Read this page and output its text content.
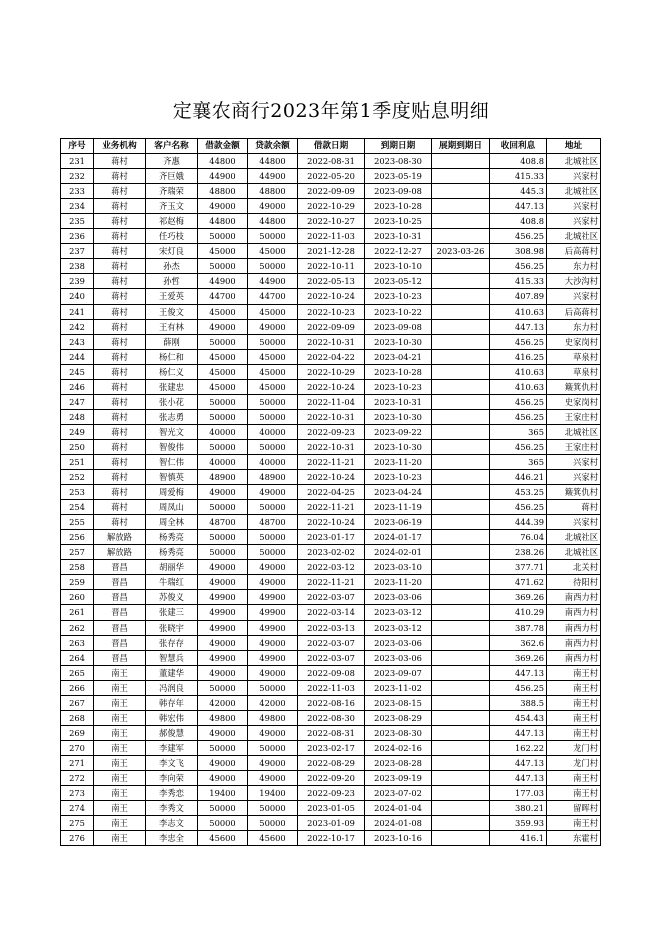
定襄农商行2023年第1季度贴息明细
序号	业务机构	客户名称	借款金额	贷款余额	借款日期	到期日期	展期到期日	收回利息	地址
231	蒋村	齐惠	44800	44800	2022-08-31	2023-08-30		408.8	北城社区
232	蒋村	齐巨娥	44900	44900	2022-05-20	2023-05-19		415.33	兴家村
233	蒋村	齐瑞荣	48800	48800	2022-09-09	2023-09-08		445.3	北城社区
234	蒋村	齐玉文	49000	49000	2022-10-29	2023-10-28		447.13	兴家村
235	蒋村	祁赵梅	44800	44800	2022-10-27	2023-10-25		408.8	兴家村
236	蒋村	任巧枝	50000	50000	2022-11-03	2023-10-31		456.25	北城社区
237	蒋村	宋灯良	45000	45000	2021-12-28	2022-12-27	2023-03-26	308.98	后高蒋村
238	蒋村	孙杰	50000	50000	2022-10-11	2023-10-10		456.25	东力村
239	蒋村	孙哲	44900	44900	2022-05-13	2023-05-12		415.33	大沙沟村
240	蒋村	王爱英	44700	44700	2022-10-24	2023-10-23		407.89	兴家村
241	蒋村	王俊文	45000	45000	2022-10-23	2023-10-22		410.63	后高蒋村
242	蒋村	王有林	49000	49000	2022-09-09	2023-09-08		447.13	东力村
243	蒋村	薛刚	50000	50000	2022-10-31	2023-10-30		456.25	史家岗村
244	蒋村	杨仁和	45000	45000	2022-04-22	2023-04-21		416.25	草泉村
245	蒋村	杨仁义	45000	45000	2022-10-29	2023-10-28		410.63	草泉村
246	蒋村	张建忠	45000	45000	2022-10-24	2023-10-23		410.63	簸箕仇村
247	蒋村	张小花	50000	50000	2022-11-04	2023-10-31		456.25	史家岗村
248	蒋村	张志勇	50000	50000	2022-10-31	2023-10-30		456.25	王家庄村
249	蒋村	智光文	40000	40000	2022-09-23	2023-09-22		365	北城社区
250	蒋村	智俊伟	50000	50000	2022-10-31	2023-10-30		456.25	王家庄村
251	蒋村	智仁伟	40000	40000	2022-11-21	2023-11-20		365	兴家村
252	蒋村	智慎英	48900	48900	2022-10-24	2023-10-23		446.21	兴家村
253	蒋村	周爱梅	49000	49000	2022-04-25	2023-04-24		453.25	簸箕仇村
254	蒋村	周凤山	50000	50000	2022-11-21	2023-11-19		456.25	蒋村
255	蒋村	周全林	48700	48700	2022-10-24	2023-06-19		444.39	兴家村
256	解放路	杨秀亮	50000	50000	2023-01-17	2024-01-17		76.04	北城社区
257	解放路	杨秀亮	50000	50000	2023-02-02	2024-02-01		238.26	北城社区
258	晋昌	胡丽华	49000	49000	2022-03-12	2023-03-10		377.71	北关村
259	晋昌	牛瑞红	49000	49000	2022-11-21	2023-11-20		471.62	待阳村
260	晋昌	苏俊义	49900	49900	2022-03-07	2023-03-06		369.26	南西力村
261	晋昌	张建三	49900	49900	2022-03-14	2023-03-12		410.29	南西力村
262	晋昌	张晓宇	49900	49900	2022-03-13	2023-03-12		387.78	南西力村
263	晋昌	张存存	49000	49000	2022-03-07	2023-03-06		362.6	南西力村
264	晋昌	智慧兵	49900	49900	2022-03-07	2023-03-06		369.26	南西力村
265	南王	董建华	49000	49000	2022-09-08	2023-09-07		447.13	南王村
266	南王	冯润良	50000	50000	2022-11-03	2023-11-02		456.25	南王村
267	南王	韩存年	42000	42000	2022-08-16	2023-08-15		388.5	南王村
268	南王	韩宏伟	49800	49800	2022-08-30	2023-08-29		454.43	南王村
269	南王	郝俊慧	49000	49000	2022-08-31	2023-08-30		447.13	南王村
270	南王	李建军	50000	50000	2023-02-17	2024-02-16		162.22	龙门村
271	南王	李文飞	49000	49000	2022-08-29	2023-08-28		447.13	龙门村
272	南王	李向荣	49000	49000	2022-09-20	2023-09-19		447.13	南王村
273	南王	李秀恋	19400	19400	2022-09-23	2023-07-02		177.03	南王村
274	南王	李秀文	50000	50000	2023-01-05	2024-01-04		380.21	留晖村
275	南王	李志文	50000	50000	2023-01-09	2024-01-08		359.93	南王村
276	南王	李忠全	45600	45600	2022-10-17	2023-10-16		416.1	东霍村
